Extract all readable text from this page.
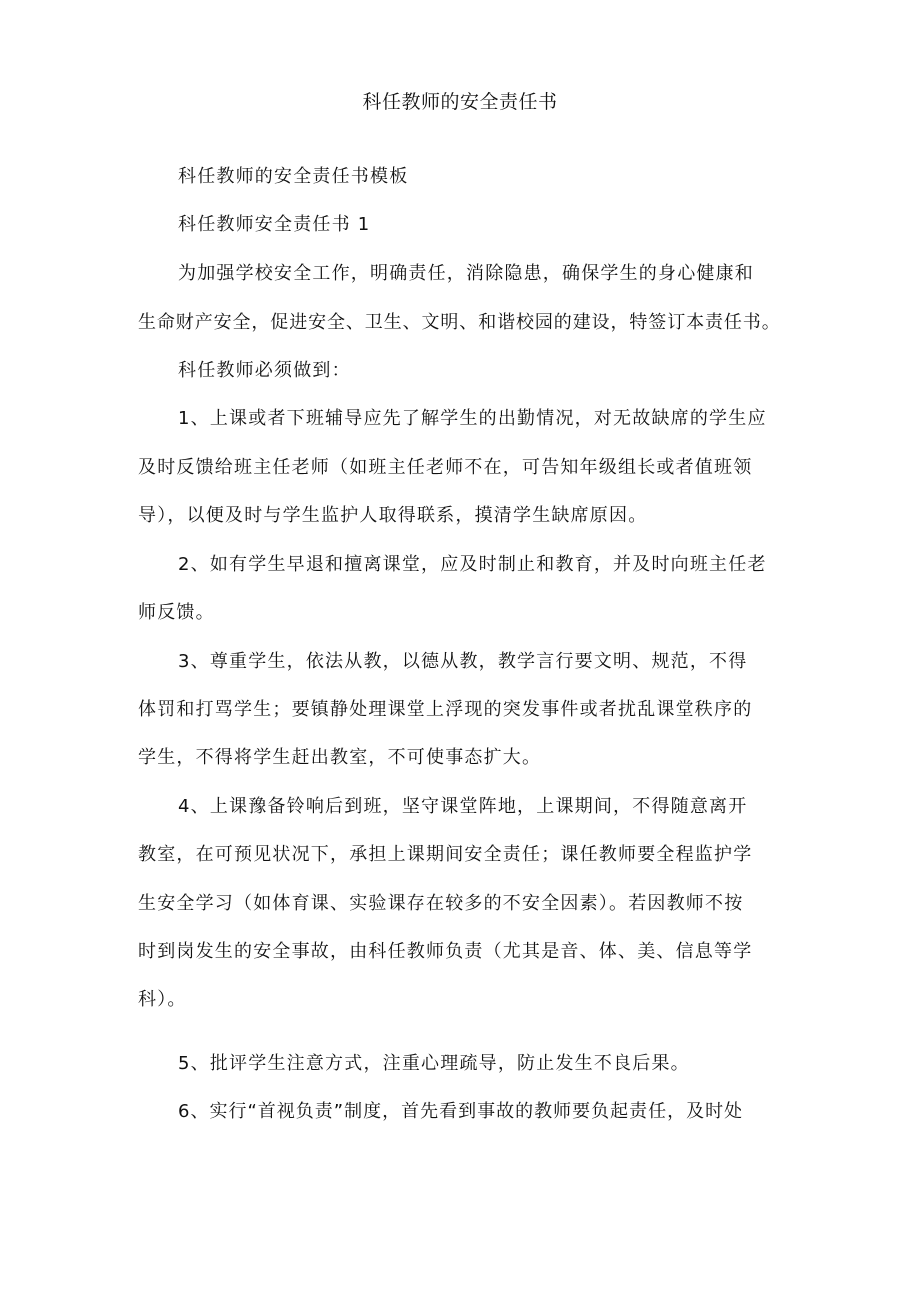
科任教师的安全责任书
科任教师的安全责任书模板
科任教师安全责任书 1
为加强学校安全工作，明确责任，消除隐患，确保学生的身心健康和
生命财产安全，促进安全、卫生、文明、和谐校园的建设，特签订本责任书。
科任教师必须做到：
1、上课或者下班辅导应先了解学生的出勤情况，对无故缺席的学生应
及时反馈给班主任老师（如班主任老师不在，可告知年级组长或者值班领
导），以便及时与学生监护人取得联系，摸清学生缺席原因。
2、如有学生早退和擅离课堂，应及时制止和教育，并及时向班主任老
师反馈。
3、尊重学生，依法从教，以德从教，教学言行要文明、规范，不得
体罚和打骂学生；要镇静处理课堂上浮现的突发事件或者扰乱课堂秩序的
学生，不得将学生赶出教室，不可使事态扩大。
4、上课豫备铃响后到班，坚守课堂阵地，上课期间，不得随意离开
教室，在可预见状况下，承担上课期间安全责任；课任教师要全程监护学
生安全学习（如体育课、实验课存在较多的不安全因素）。若因教师不按
时到岗发生的安全事故，由科任教师负责（尤其是音、体、美、信息等学
科）。
5、批评学生注意方式，注重心理疏导，防止发生不良后果。
6、实行“首视负责”制度，首先看到事故的教师要负起责任，及时处
